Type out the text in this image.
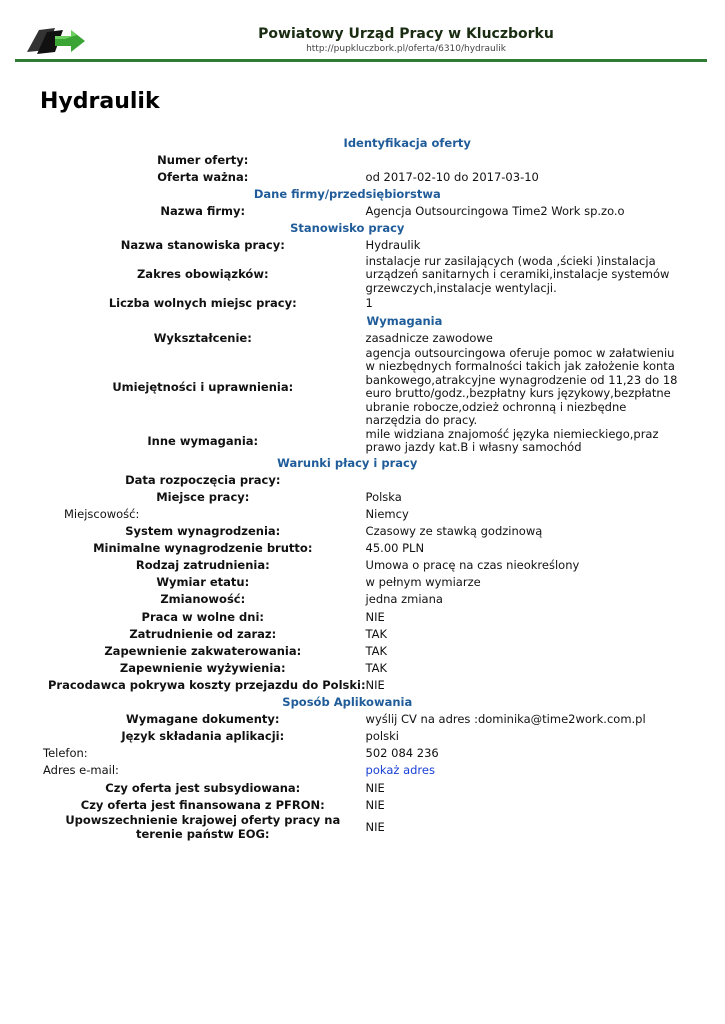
Powiatowy Urząd Pracy w Kluczborku
http://pupkluczbork.pl/oferta/6310/hydraulik
Hydraulik
	Identyfikacja oferty
Numer oferty:	
Oferta ważna:	od 2017-02-10 do 2017-03-10
	Dane firmy/przedsiębiorstwa
Nazwa firmy:	Agencja Outsourcingowa Time2 Work sp.zo.o
	Stanowisko pracy
Nazwa stanowiska pracy:	Hydraulik
Zakres obowiązków:	instalacje rur zasilających (woda ,ścieki )instalacja urządzeń sanitarnych i ceramiki,instalacje systemów grzewczych,instalacje wentylacji.
Liczba wolnych miejsc pracy:	1
	Wymagania
Wykształcenie:	zasadnicze zawodowe
Umiejętności i uprawnienia:	agencja outsourcingowa oferuje pomoc w załatwieniu w niezbędnych formalności takich jak założenie konta bankowego,atrakcyjne wynagrodzenie od 11,23 do 18 euro brutto/godz.,bezpłatny kurs językowy,bezpłatne ubranie robocze,odzież ochronną i niezbędne narzędzia do pracy.
Inne wymagania:	mile widziana znajomość języka niemieckiego,praz prawo jazdy kat.B i własny samochód
	Warunki płacy i pracy
Data rozpoczęcia pracy:	
Miejsce pracy:	Polska
Miejscowość:	Niemcy
System wynagrodzenia:	Czasowy ze stawką godzinową
Minimalne wynagrodzenie brutto:	45.00 PLN
Rodzaj zatrudnienia:	Umowa o pracę na czas nieokreślony
Wymiar etatu:	w pełnym wymiarze
Zmianowość:	jedna zmiana
Praca w wolne dni:	NIE
Zatrudnienie od zaraz:	TAK
Zapewnienie zakwaterowania:	TAK
Zapewnienie wyżywienia:	TAK
Pracodawca pokrywa koszty przejazdu do Polski:	NIE
	Sposób Aplikowania
Wymagane dokumenty:	wyślij CV na adres :dominika@time2work.com.pl
Język składania aplikacji:	polski
Telefon:	502 084 236
Adres e-mail:	pokaż adres
Czy oferta jest subsydiowana:	NIE
Czy oferta jest finansowana z PFRON:	NIE
Upowszechnienie krajowej oferty pracy na terenie państw EOG:	NIE
